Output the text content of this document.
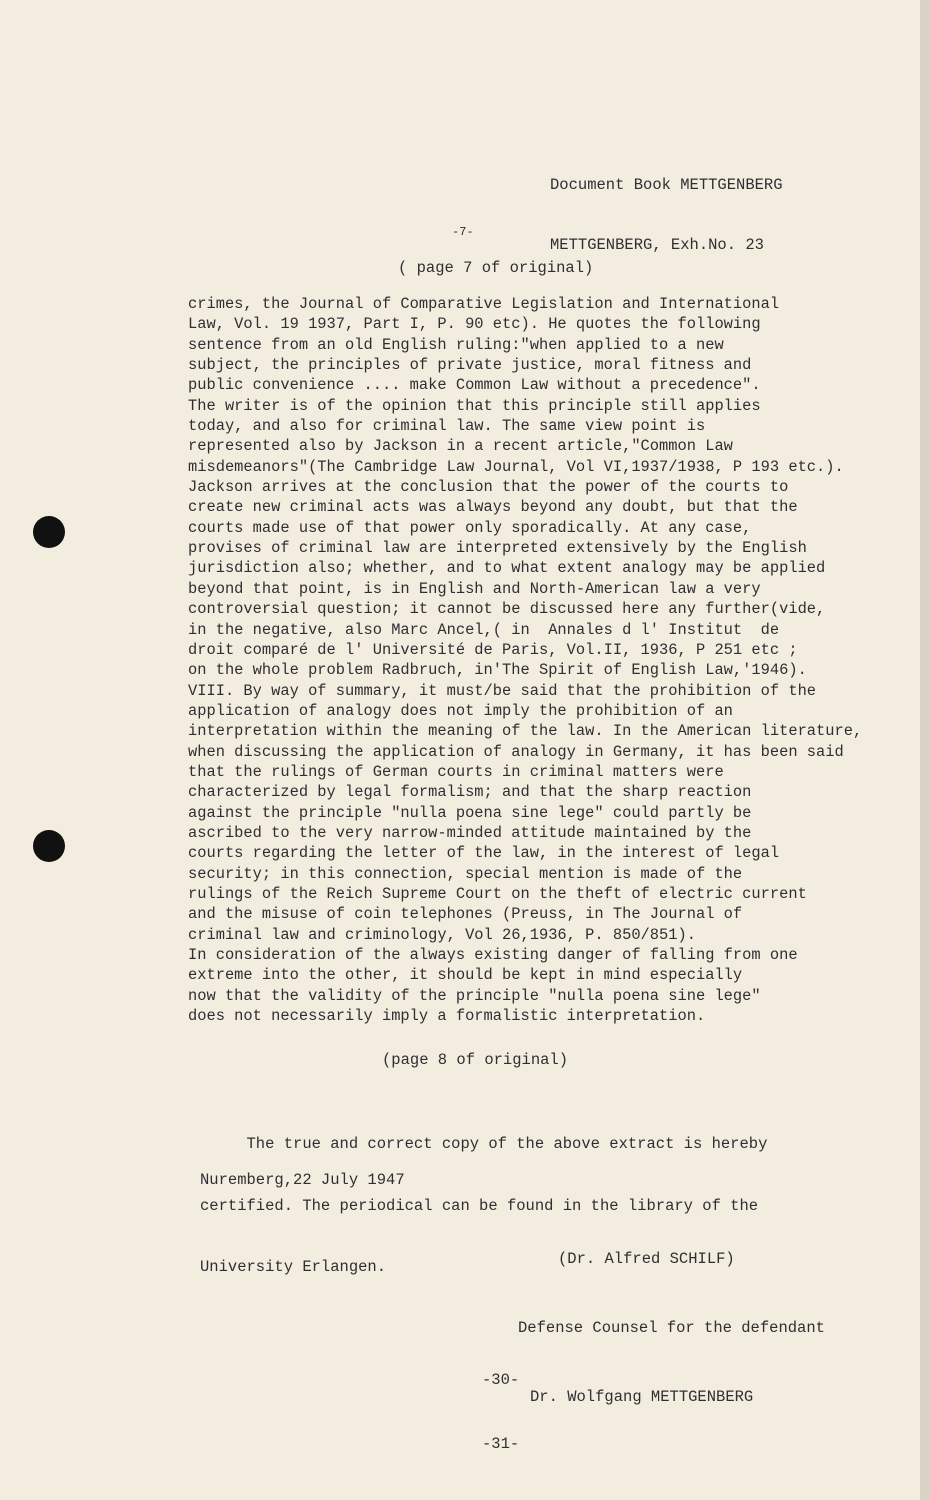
Document Book METTGENBERG

METTGENBERG, Exh.No. 23

-7-
( page 7 of original)
crimes, the Journal of Comparative Legislation and International
Law, Vol. 19 1937, Part I, P. 90 etc). He quotes the following
sentence from an old English ruling:"when applied to a new
subject, the principles of private justice, moral fitness and
public convenience .... make Common Law without a precedence".
The writer is of the opinion that this principle still applies
today, and also for criminal law. The same view point is
represented also by Jackson in a recent article,"Common Law
misdemeanors"(The Cambridge Law Journal, Vol VI,1937/1938, P 193 etc.).
Jackson arrives at the conclusion that the power of the courts to
create new criminal acts was always beyond any doubt, but that the
courts made use of that power only sporadically. At any case,
provises of criminal law are interpreted extensively by the English
jurisdiction also; whether, and to what extent analogy may be applied
beyond that point, is in English and North-American law a very
controversial question; it cannot be discussed here any further(vide,
in the negative, also Marc Ancel,( in  Annales d l' Institut  de
droit comparé de l' Université de Paris, Vol.II, 1936, P 251 etc ;
on the whole problem Radbruch, in'The Spirit of English Law,'1946).
VIII. By way of summary, it must/be said that the prohibition of the
application of analogy does not imply the prohibition of an
interpretation within the meaning of the law. In the American literature,
when discussing the application of analogy in Germany, it has been said
that the rulings of German courts in criminal matters were
characterized by legal formalism; and that the sharp reaction
against the principle "nulla poena sine lege" could partly be
ascribed to the very narrow-minded attitude maintained by the
courts regarding the letter of the law, in the interest of legal
security; in this connection, special mention is made of the
rulings of the Reich Supreme Court on the theft of electric current
and the misuse of coin telephones (Preuss, in The Journal of
criminal law and criminology, Vol 26,1936, P. 850/851).
In consideration of the always existing danger of falling from one
extreme into the other, it should be kept in mind especially
now that the validity of the principle "nulla poena sine lege"
does not necessarily imply a formalistic interpretation.
(page 8 of original)

The true and correct copy of the above extract is hereby

certified. The periodical can be found in the library of the

University Erlangen.

Nuremberg,22 July 1947

(Dr. Alfred SCHILF)

Defense Counsel for the defendant

Dr. Wolfgang METTGENBERG

-30-

-31-
